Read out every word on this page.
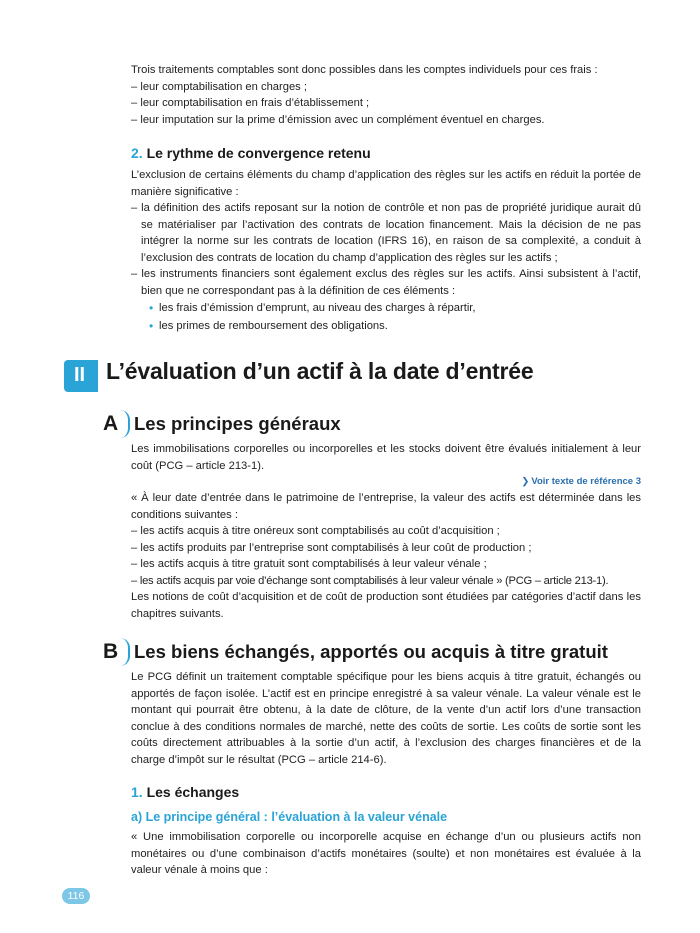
Trois traitements comptables sont donc possibles dans les comptes individuels pour ces frais :
– leur comptabilisation en charges ;
– leur comptabilisation en frais d’établissement ;
– leur imputation sur la prime d’émission avec un complément éventuel en charges.
2. Le rythme de convergence retenu
L’exclusion de certains éléments du champ d’application des règles sur les actifs en réduit la portée de manière significative :
– la définition des actifs reposant sur la notion de contrôle et non pas de propriété juridique aurait dû se matérialiser par l’activation des contrats de location financement. Mais la décision de ne pas intégrer la norme sur les contrats de location (IFRS 16), en raison de sa complexité, a conduit à l’exclusion des contrats de location du champ d’application des règles sur les actifs ;
– les instruments financiers sont également exclus des règles sur les actifs. Ainsi subsistent à l’actif, bien que ne correspondant pas à la définition de ces éléments :
• les frais d’émission d’emprunt, au niveau des charges à répartir,
• les primes de remboursement des obligations.
II L’évaluation d’un actif à la date d’entrée
A Les principes généraux
Les immobilisations corporelles ou incorporelles et les stocks doivent être évalués initialement à leur coût (PCG – article 213-1).
❯ Voir texte de référence 3
« À leur date d’entrée dans le patrimoine de l’entreprise, la valeur des actifs est déterminée dans les conditions suivantes :
– les actifs acquis à titre onéreux sont comptabilisés au coût d’acquisition ;
– les actifs produits par l’entreprise sont comptabilisés à leur coût de production ;
– les actifs acquis à titre gratuit sont comptabilisés à leur valeur vénale ;
– les actifs acquis par voie d’échange sont comptabilisés à leur valeur vénale » (PCG – article 213-1).
Les notions de coût d’acquisition et de coût de production sont étudiées par catégories d’actif dans les chapitres suivants.
B Les biens échangés, apportés ou acquis à titre gratuit
Le PCG définit un traitement comptable spécifique pour les biens acquis à titre gratuit, échangés ou apportés de façon isolée. L’actif est en principe enregistré à sa valeur vénale. La valeur vénale est le montant qui pourrait être obtenu, à la date de clôture, de la vente d’un actif lors d’une transaction conclue à des conditions normales de marché, nette des coûts de sortie. Les coûts de sortie sont les coûts directement attribuables à la sortie d’un actif, à l’exclusion des charges financières et de la charge d’impôt sur le résultat (PCG – article 214-6).
1. Les échanges
a) Le principe général : l’évaluation à la valeur vénale
« Une immobilisation corporelle ou incorporelle acquise en échange d’un ou plusieurs actifs non monétaires ou d’une combinaison d’actifs monétaires (soulte) et non monétaires est évaluée à la valeur vénale à moins que :
116
